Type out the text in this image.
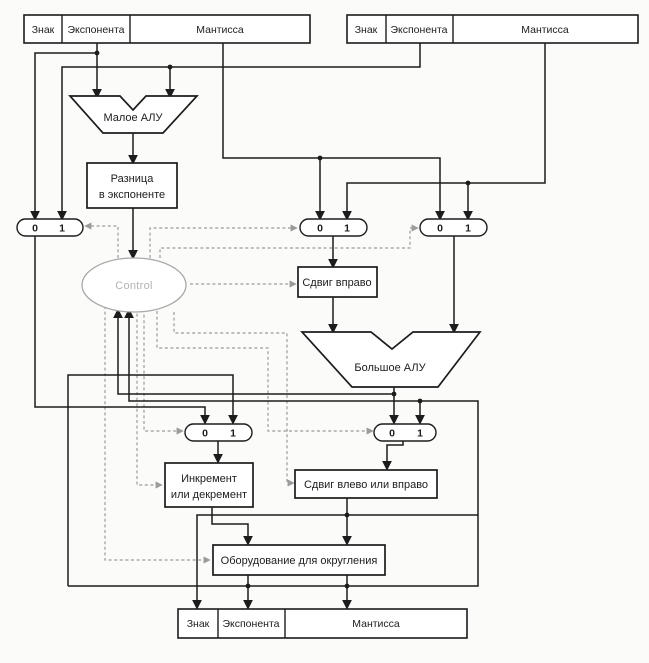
Знак Экспонента	Мантисса	Знак Экспонента	Мантисса
Малое АЛУ
Разница
в экспоненте
0 1	0 1	0 1
Control	Сдвиг вправо
Большое АЛУ
0 1	0 1
Инкремент
или декремент
Сдвиг влево или вправо
Оборудование для округления
Знак Экспонента	Мантисса
